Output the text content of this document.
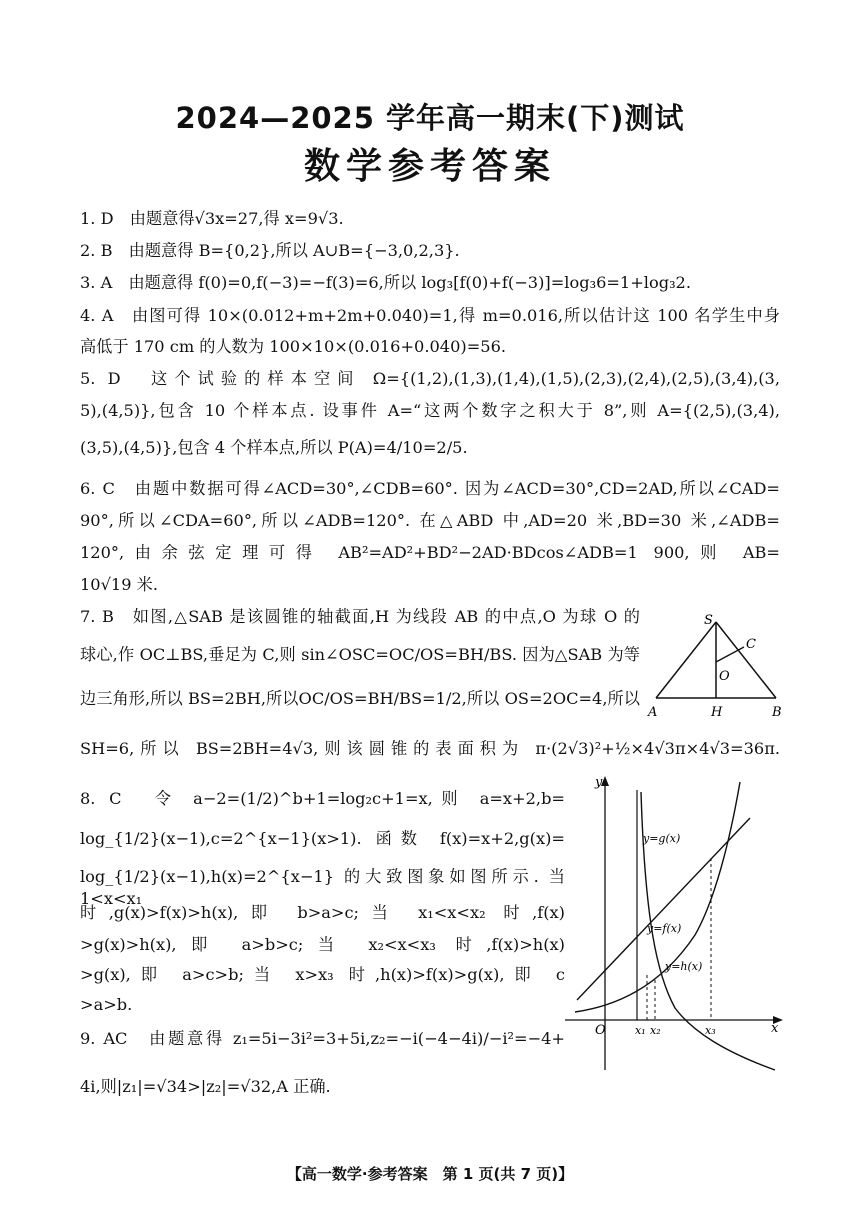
2024—2025 学年高一期末(下)测试
数学参考答案
1. D　由题意得√3x=27,得 x=9√3.
2. B　由题意得 B={0,2},所以 A∪B={−3,0,2,3}.
3. A　由题意得 f(0)=0,f(−3)=−f(3)=6,所以 log₃[f(0)+f(−3)]=log₃6=1+log₃2.
4. A　由图可得 10×(0.012+m+2m+0.040)=1,得 m=0.016,所以估计这 100 名学生中身
高低于 170 cm 的人数为 100×10×(0.016+0.040)=56.
5. D　这个试验的样本空间 Ω={(1,2),(1,3),(1,4),(1,5),(2,3),(2,4),(2,5),(3,4),(3,
5),(4,5)},包含 10 个样本点. 设事件 A=“这两个数字之积大于 8”,则 A={(2,5),(3,4),
(3,5),(4,5)},包含 4 个样本点,所以 P(A)=4/10=2/5.
6. C　由题中数据可得∠ACD=30°,∠CDB=60°. 因为∠ACD=30°,CD=2AD,所以∠CAD=
90°,所以∠CDA=60°,所以∠ADB=120°. 在△ABD 中,AD=20 米,BD=30 米,∠ADB=
120°,由余弦定理可得 AB²=AD²+BD²−2AD·BDcos∠ADB=1 900,则 AB=
10√19 米.
7. B　如图,△SAB 是该圆锥的轴截面,H 为线段 AB 的中点,O 为球 O 的
球心,作 OC⊥BS,垂足为 C,则 sin∠OSC=OC/OS=BH/BS. 因为△SAB 为等
边三角形,所以 BS=2BH,所以OC/OS=BH/BS=1/2,所以 OS=2OC=4,所以
SH=6,所以 BS=2BH=4√3,则该圆锥的表面积为 π·(2√3)²+½×4√3π×4√3=36π.
S
C
O
A	H	B
8. C　令 a−2=(1/2)^b+1=log₂c+1=x,则 a=x+2,b=
log_{1/2}(x−1),c=2^{x−1}(x>1). 函数 f(x)=x+2,g(x)=
log_{1/2}(x−1),h(x)=2^{x−1} 的大致图象如图所示. 当 1<x<x₁
时,g(x)>f(x)>h(x),即 b>a>c;当 x₁<x<x₂ 时,f(x)
>g(x)>h(x),即 a>b>c;当 x₂<x<x₃ 时,f(x)>h(x)
>g(x),即 a>c>b;当 x>x₃ 时,h(x)>f(x)>g(x),即 c
>a>b.
y
x
O
y=g(x)
y=f(x)
y=h(x)
x₁ x₂	x₃
9. AC　由题意得 z₁=5i−3i²=3+5i,z₂=−i(−4−4i)/−i²=−4+
4i,则|z₁|=√34>|z₂|=√32,A 正确.
【高一数学·参考答案　第 1 页(共 7 页)】
